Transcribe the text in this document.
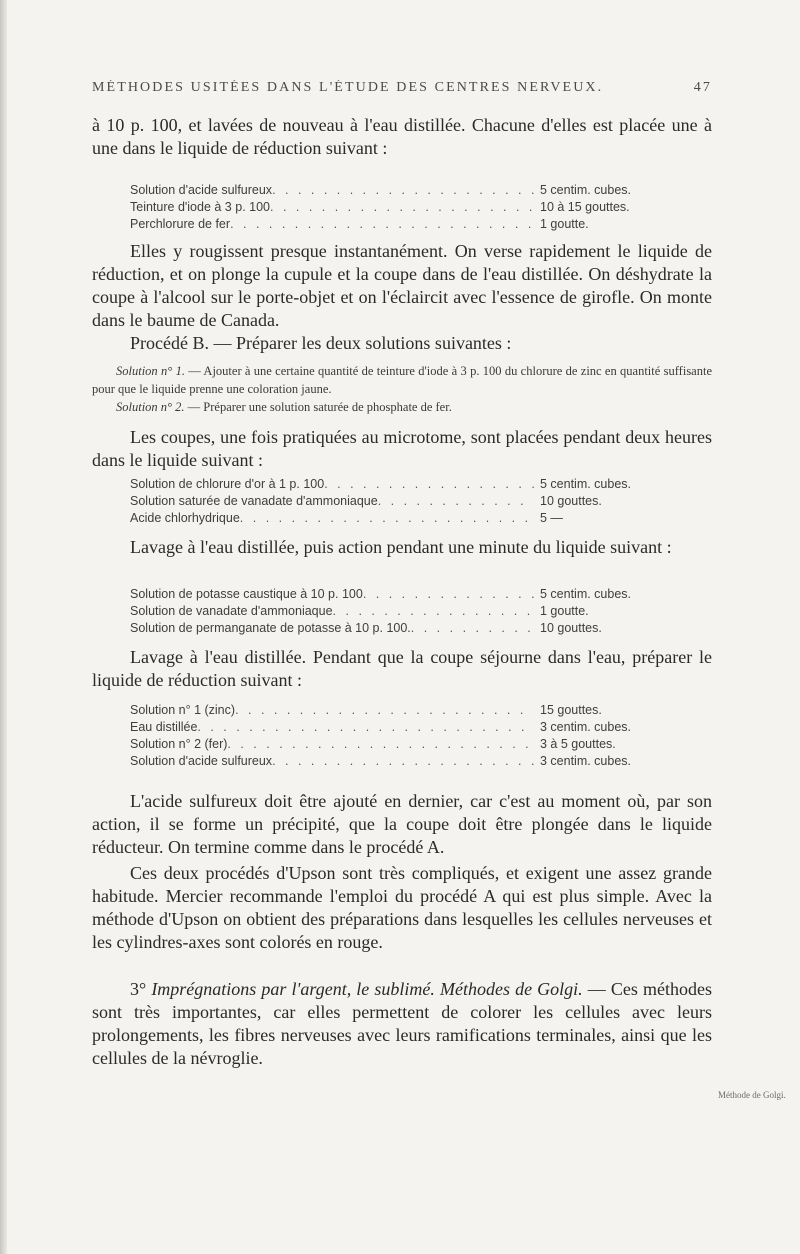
MÉTHODES USITÉES DANS L'ÉTUDE DES CENTRES NERVEUX.	47

à 10 p. 100, et lavées de nouveau à l'eau distillée. Chacune d'elles est placée une à une dans le liquide de réduction suivant :

Solution d'acide sulfureux . . .	5 centim. cubes.
Teinture d'iode à 3 p. 100 . . .	10 à 15 gouttes.
Perchlorure de fer . . .	1 goutte.

Elles y rougissent presque instantanément. On verse rapidement le liquide de réduction, et on plonge la cupule et la coupe dans de l'eau distillée. On déshydrate la coupe à l'alcool sur le porte-objet et on l'éclaircit avec l'essence de girofle. On monte dans le baume de Canada.

Procédé B. — Préparer les deux solutions suivantes :

Solution n° 1. — Ajouter à une certaine quantité de teinture d'iode à 3 p. 100 du chlorure de zinc en quantité suffisante pour que le liquide prenne une coloration jaune.

Solution n° 2. — Préparer une solution saturée de phosphate de fer.

Les coupes, une fois pratiquées au microtome, sont placées pendant deux heures dans le liquide suivant :

Solution de chlorure d'or à 1 p. 100 . . .	5 centim. cubes.
Solution saturée de vanadate d'ammoniaque . . .	10 gouttes.
Acide chlorhydrique . . .	5 —

Lavage à l'eau distillée, puis action pendant une minute du liquide suivant :

Solution de potasse caustique à 10 p. 100 . . .	5 centim. cubes.
Solution de vanadate d'ammoniaque . . .	1 goutte.
Solution de permanganate de potasse à 10 p. 100. . . .	10 gouttes.

Lavage à l'eau distillée. Pendant que la coupe séjourne dans l'eau, préparer le liquide de réduction suivant :

Solution n° 1 (zinc) . . .	15 gouttes.
Eau distillée . . .	3 centim. cubes.
Solution n° 2 (fer) . . .	3 à 5 gouttes.
Solution d'acide sulfureux . . .	3 centim. cubes.

L'acide sulfureux doit être ajouté en dernier, car c'est au moment où, par son action, il se forme un précipité, que la coupe doit être plongée dans le liquide réducteur. On termine comme dans le procédé A.

Ces deux procédés d'Upson sont très compliqués, et exigent une assez grande habitude. Mercier recommande l'emploi du procédé A qui est plus simple. Avec la méthode d'Upson on obtient des préparations dans lesquelles les cellules nerveuses et les cylindres-axes sont colorés en rouge.

3° Imprégnations par l'argent, le sublimé. Méthodes de Golgi. — Ces méthodes sont très importantes, car elles permettent de colorer les cellules avec leurs prolongements, les fibres nerveuses avec leurs ramifications terminales, ainsi que les cellules de la névroglie.

Méthode de Golgi.
